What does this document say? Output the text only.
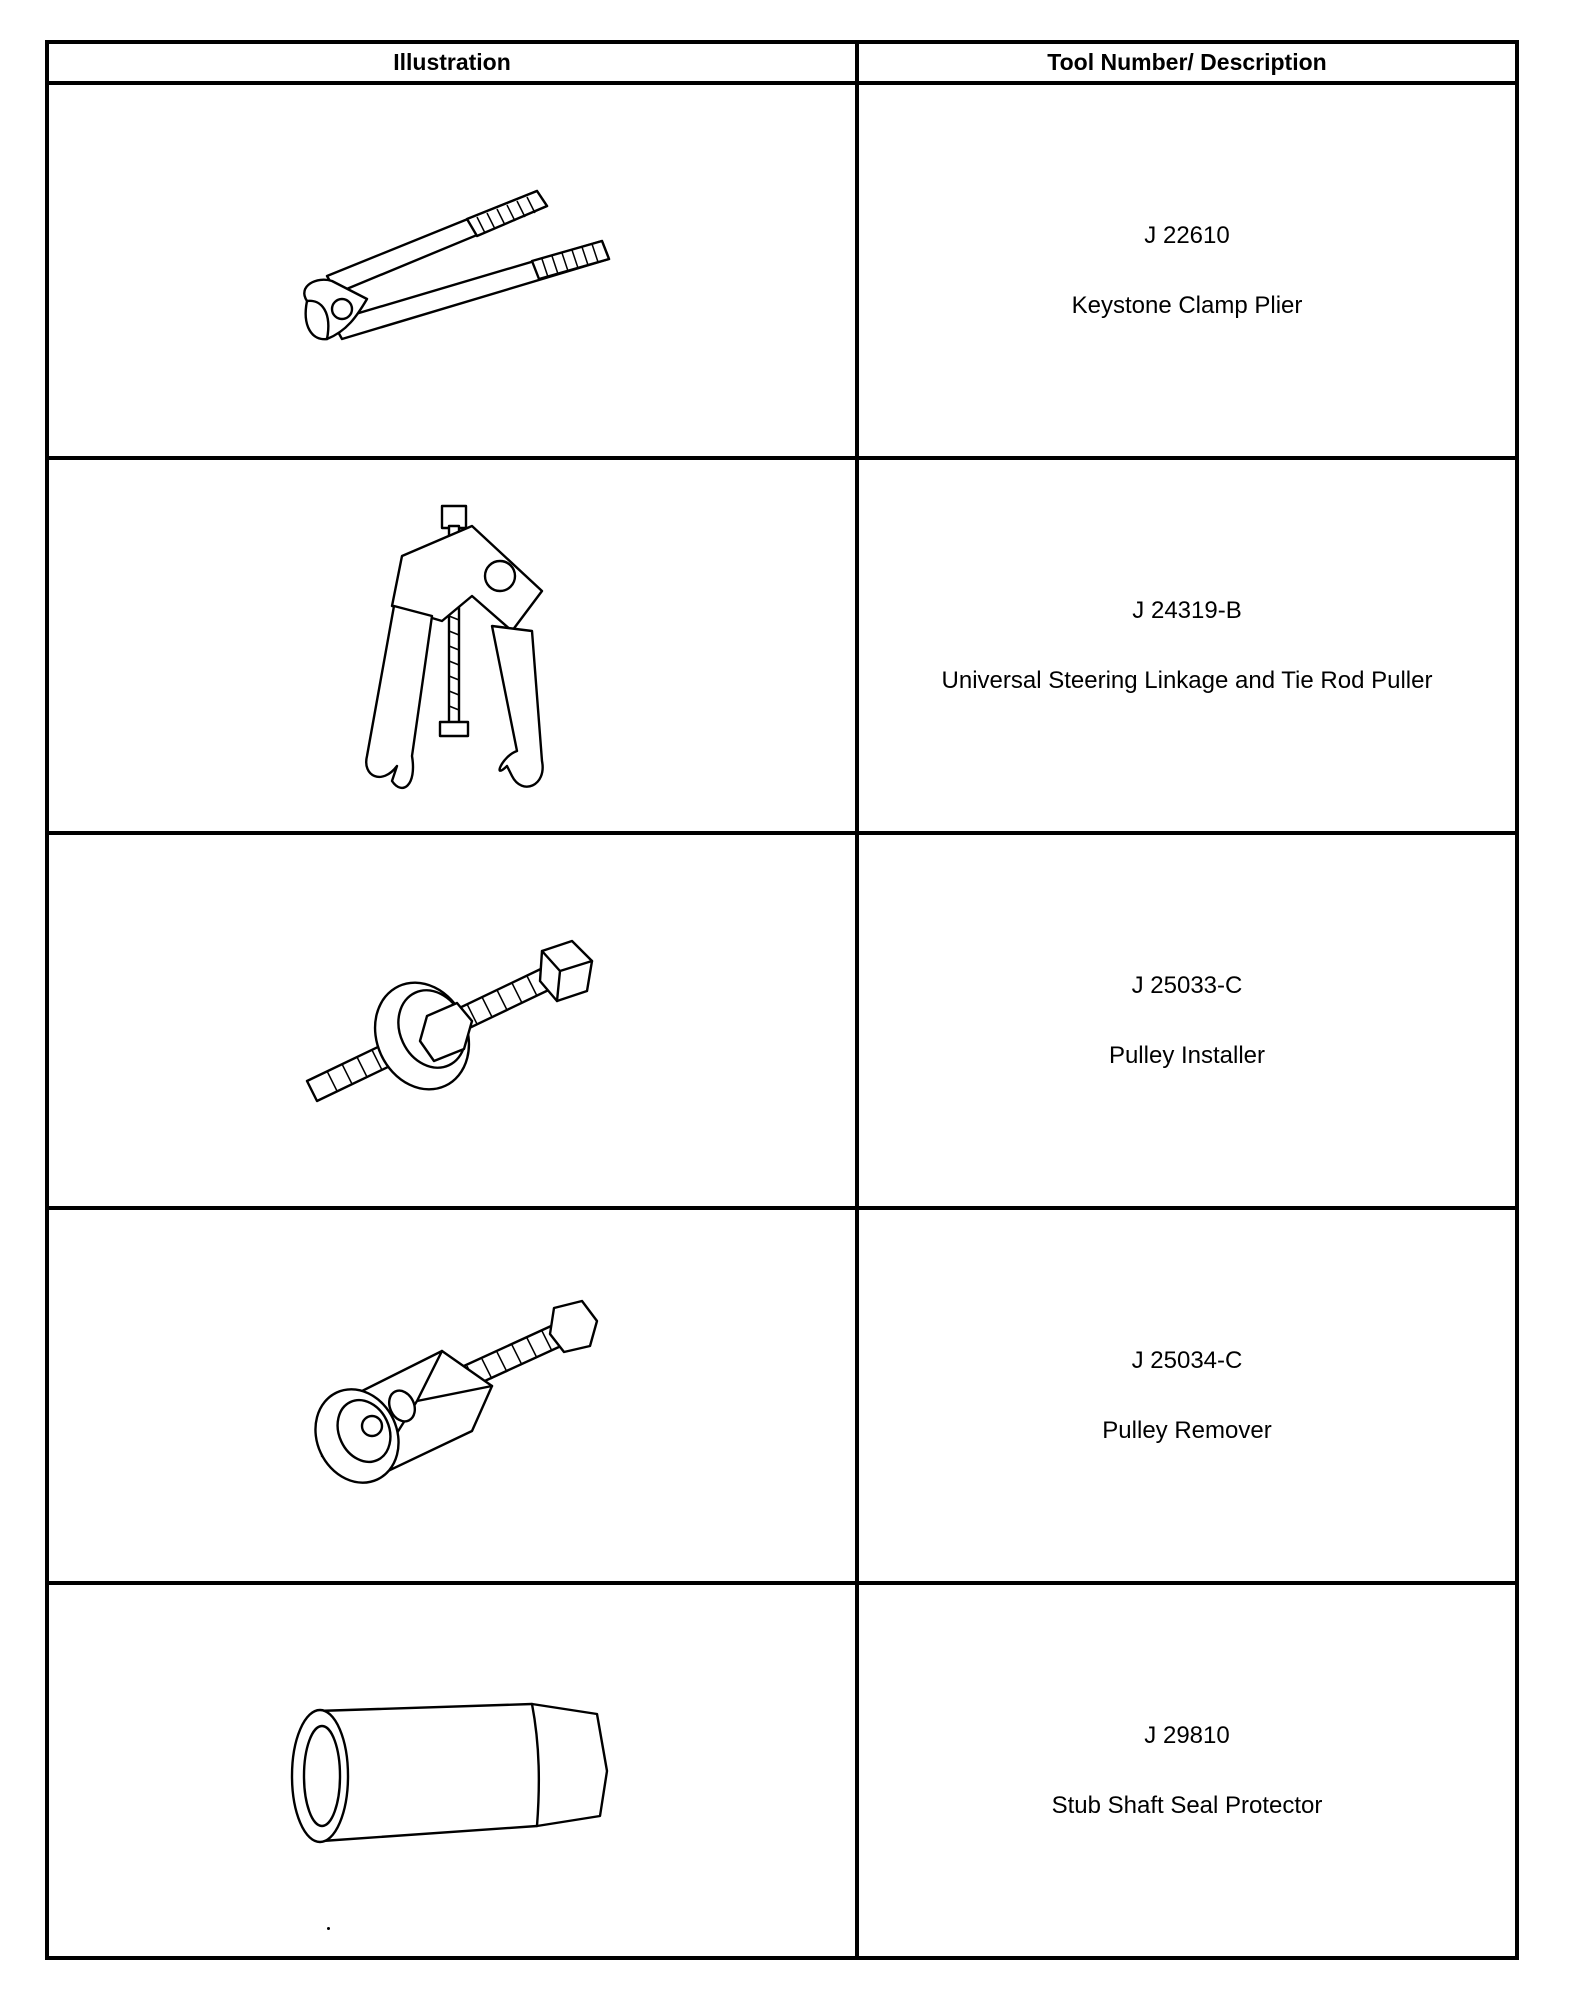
Illustration	Tool Number/ Description

J 22610
Keystone Clamp Plier

J 24319-B
Universal Steering Linkage and Tie Rod Puller

J 25033-C
Pulley Installer

J 25034-C
Pulley Remover

J 29810
Stub Shaft Seal Protector
